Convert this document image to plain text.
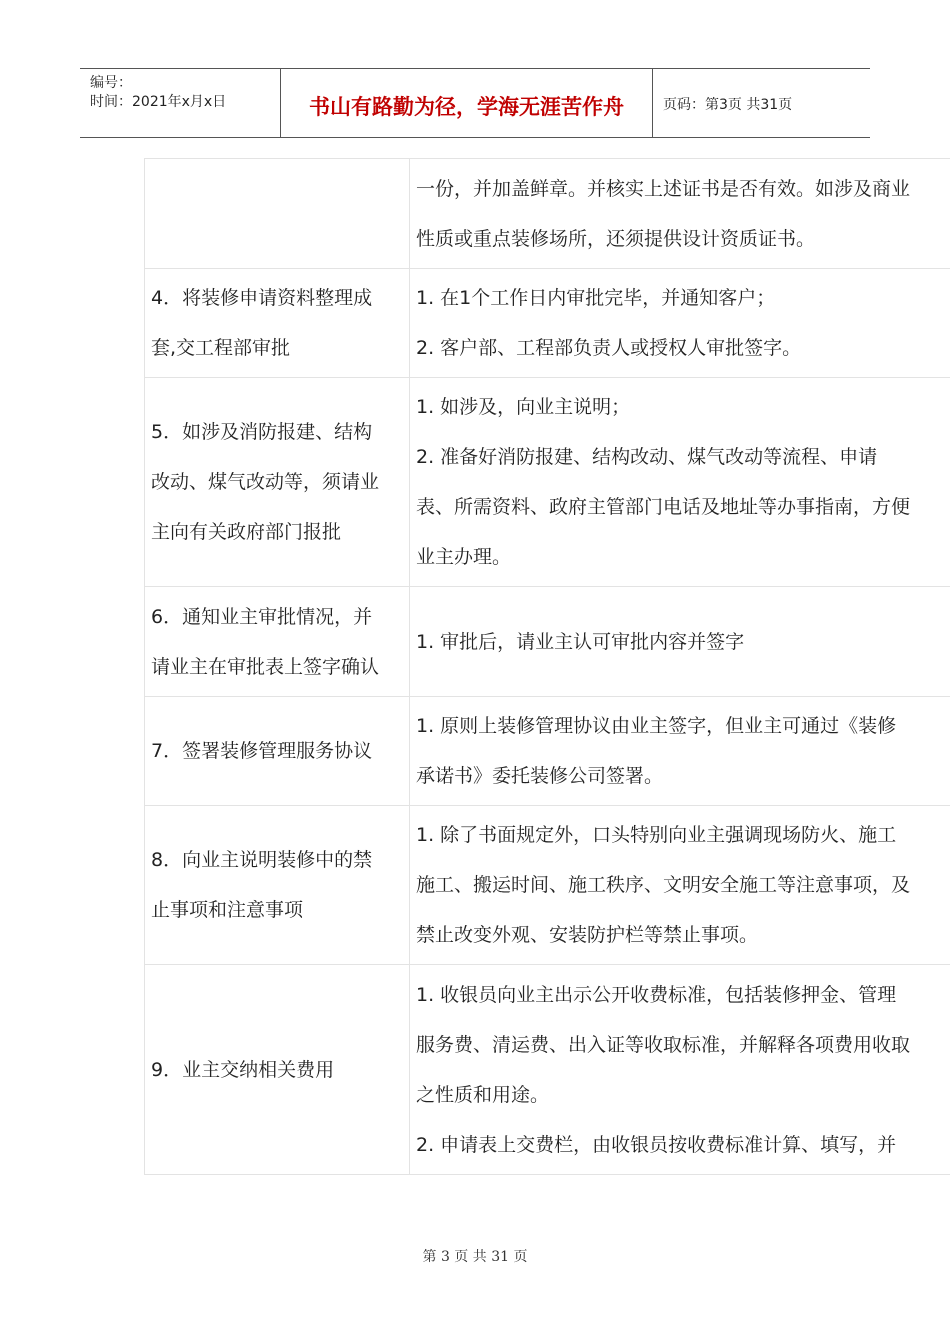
编号：
时间：2021年x月x日	书山有路勤为径，学海无涯苦作舟	页码：第3页 共31页

	一份，并加盖鲜章。并核实上述证书是否有效。如涉及商业
性质或重点装修场所，还须提供设计资质证书。

4．将装修申请资料整理成
套,交工程部审批	1. 在1个工作日内审批完毕，并通知客户；
2. 客户部、工程部负责人或授权人审批签字。

5．如涉及消防报建、结构
改动、煤气改动等，须请业
主向有关政府部门报批	1. 如涉及，向业主说明；
2. 准备好消防报建、结构改动、煤气改动等流程、申请
表、所需资料、政府主管部门电话及地址等办事指南，方便
业主办理。

6．通知业主审批情况，并
请业主在审批表上签字确认	1. 审批后，请业主认可审批内容并签字

7．签署装修管理服务协议	1. 原则上装修管理协议由业主签字，但业主可通过《装修
承诺书》委托装修公司签署。

8．向业主说明装修中的禁
止事项和注意事项	1. 除了书面规定外，口头特别向业主强调现场防火、施工
施工、搬运时间、施工秩序、文明安全施工等注意事项，及
禁止改变外观、安装防护栏等禁止事项。

9．业主交纳相关费用	1. 收银员向业主出示公开收费标准，包括装修押金、管理
服务费、清运费、出入证等收取标准，并解释各项费用收取
之性质和用途。
2. 申请表上交费栏，由收银员按收费标准计算、填写，并
第 3 页 共 31 页
